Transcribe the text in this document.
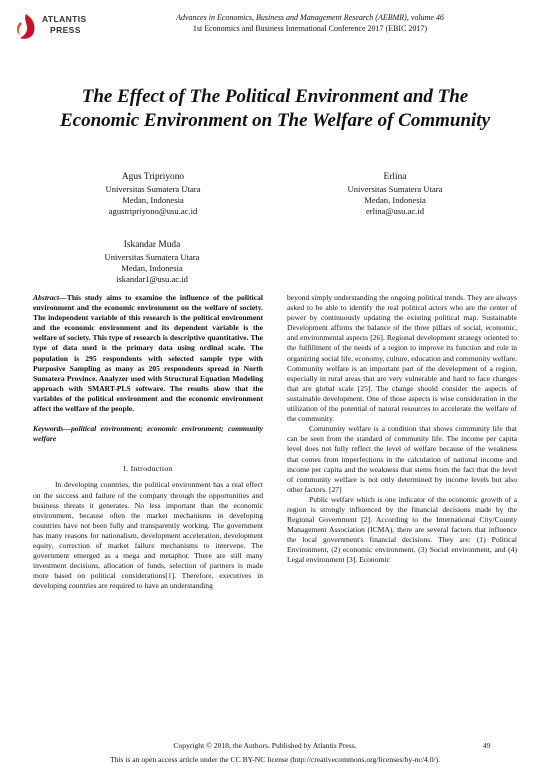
ATLANTIS
PRESS
Advances in Economics, Business and Management Research (AEBMR), volume 46
1st Economics and Business International Conference 2017 (EBIC 2017)
The Effect of The Political Environment and The Economic Environment on The Welfare of Community
Agus Tripriyono
Universitas Sumatera Utara
Medan, Indonesia
agustripriyono@usu.ac.id
Erlina
Universitas Sumatera Utara
Medan, Indonesia
erlina@usu.ac.id
Iskandar Muda
Universitas Sumatera Utara
Medan, Indonesia
iskandar1@usu.ac.id

Abstract—This study aims to examine the influence of the political environment and the economic environment on the welfare of society. The independent variable of this research is the political environment and the economic environment and its dependent variable is the welfare of society. This type of research is descriptive quantitative. The type of data used is the primary data using ordinal scale. The population is 295 respondents with selected sample type with Purposive Sampling as many as 205 respondents spread in North Sumatera Province. Analyzer used with Structural Equation Modeling approach with SMART-PLS software. The results show that the variables of the political environment and the economic environment affect the welfare of the people.

Keywords—political environment; economic environment; community welfare

I. Introduction

In developing countries, the political environment has a real effect on the success and failure of the company through the opportunities and business threats it generates. No less important than the economic environment, because often the market mechanisms in developing countries have not been fully and transparently working. The government has many reasons for nationalism, development acceleration, development equity, correction of market failure mechanisms to intervene. The government emerged as a mega and metaphor. There are still many investment decisions, allocation of funds, selection of partners is made more based on political considerations[1]. Therefore, executives in developing countries are required to have an understanding

beyond simply understanding the ongoing political trends. They are always asked to be able to identify the real political actors who are the center of power by continuously updating the existing political map. Sustainable Development affirms the balance of the three pillars of social, economic, and environmental aspects [26]. Regional development strategy oriented to the fulfillment of the needs of a region to improve its function and role in organizing social life, economy, culture, education and community welfare. Community welfare is an important part of the development of a region, especially in rural areas that are very vulnerable and hard to face changes that are global scale [25]. The change should consider the aspects of sustainable development. One of those aspects is wise consideration in the utilization of the potential of natural resources to accelerate the welfare of the community.

Community welfare is a condition that shows community life that can be seen from the standard of community life. The income per capita level does not fully reflect the level of welfare because of the weakness that comes from imperfections in the calculation of national income and income per capita and the weakness that stems from the fact that the level of community welfare is not only determined by income levels but also other factors. [27]

Public welfare which is one indicator of the economic growth of a region is strongly influenced by the financial decisions made by the Regional Government [2]. According to the International City/County Management Association (ICMA), there are several factors that influence the local government's financial decisions. They are: (1) Political Environment, (2) economic environment, (3) Social environment, and (4) Legal environment [3]. Economic

Copyright © 2018, the Authors. Published by Atlantis Press.	49
This is an open access article under the CC BY-NC license (http://creativecommons.org/licenses/by-nc/4.0/).
